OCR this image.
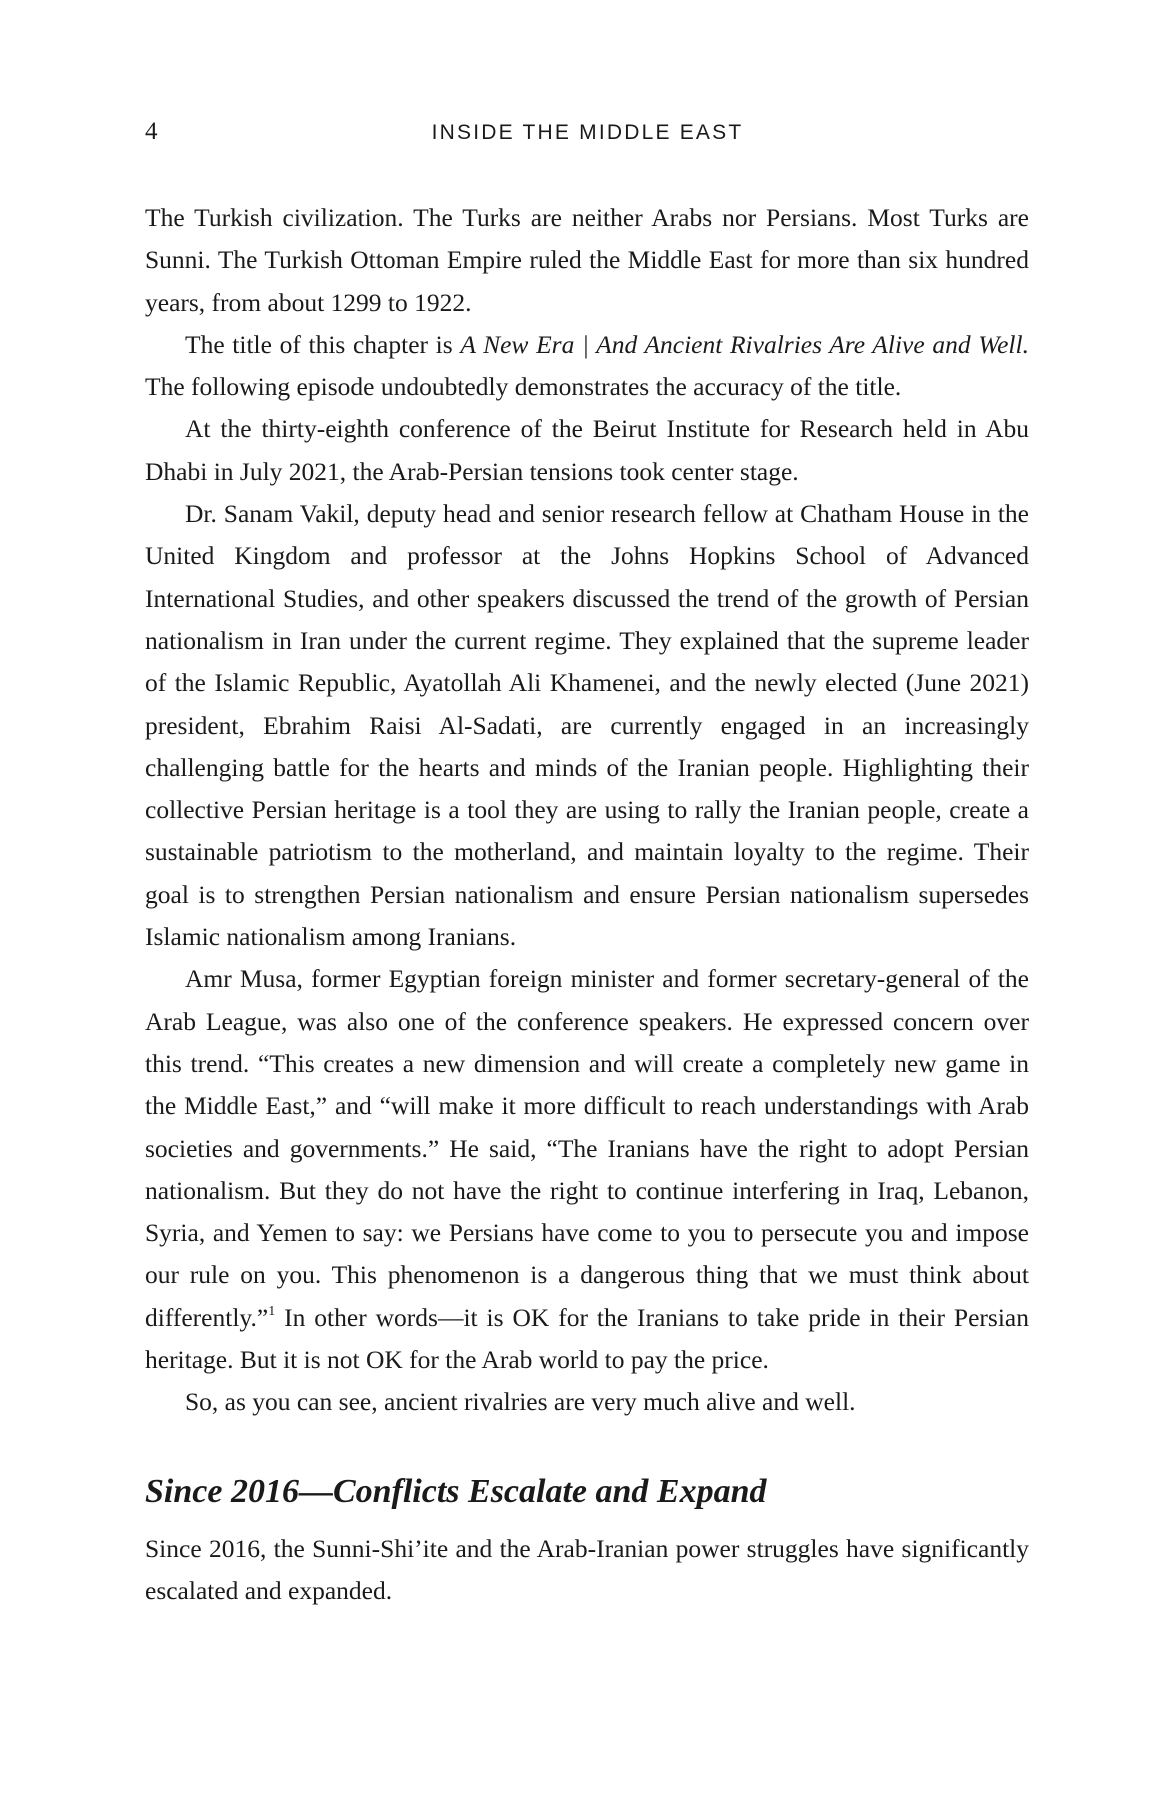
4	INSIDE THE MIDDLE EAST

The Turkish civilization. The Turks are neither Arabs nor Persians. Most Turks are Sunni. The Turkish Ottoman Empire ruled the Middle East for more than six hundred years, from about 1299 to 1922.

The title of this chapter is A New Era | And Ancient Rivalries Are Alive and Well. The following episode undoubtedly demonstrates the accuracy of the title.

At the thirty-eighth conference of the Beirut Institute for Research held in Abu Dhabi in July 2021, the Arab-Persian tensions took center stage.

Dr. Sanam Vakil, deputy head and senior research fellow at Chatham House in the United Kingdom and professor at the Johns Hopkins School of Advanced International Studies, and other speakers discussed the trend of the growth of Persian nationalism in Iran under the current regime. They explained that the supreme leader of the Islamic Republic, Ayatollah Ali Khamenei, and the newly elected (June 2021) president, Ebrahim Raisi Al-Sadati, are currently engaged in an increasingly challenging battle for the hearts and minds of the Iranian people. Highlighting their collective Persian heritage is a tool they are using to rally the Iranian people, create a sustainable patriotism to the motherland, and maintain loyalty to the regime. Their goal is to strengthen Persian nationalism and ensure Persian nationalism supersedes Islamic nationalism among Iranians.

Amr Musa, former Egyptian foreign minister and former secretary-general of the Arab League, was also one of the conference speakers. He expressed concern over this trend. “This creates a new dimension and will create a completely new game in the Middle East,” and “will make it more difficult to reach understandings with Arab societies and governments.” He said, “The Iranians have the right to adopt Persian nationalism. But they do not have the right to continue interfering in Iraq, Lebanon, Syria, and Yemen to say: we Persians have come to you to persecute you and impose our rule on you. This phenomenon is a dangerous thing that we must think about differently.”$^1$ In other words—it is OK for the Iranians to take pride in their Persian heritage. But it is not OK for the Arab world to pay the price.

So, as you can see, ancient rivalries are very much alive and well.

Since 2016—Conflicts Escalate and Expand

Since 2016, the Sunni-Shi’ite and the Arab-Iranian power struggles have significantly escalated and expanded.
